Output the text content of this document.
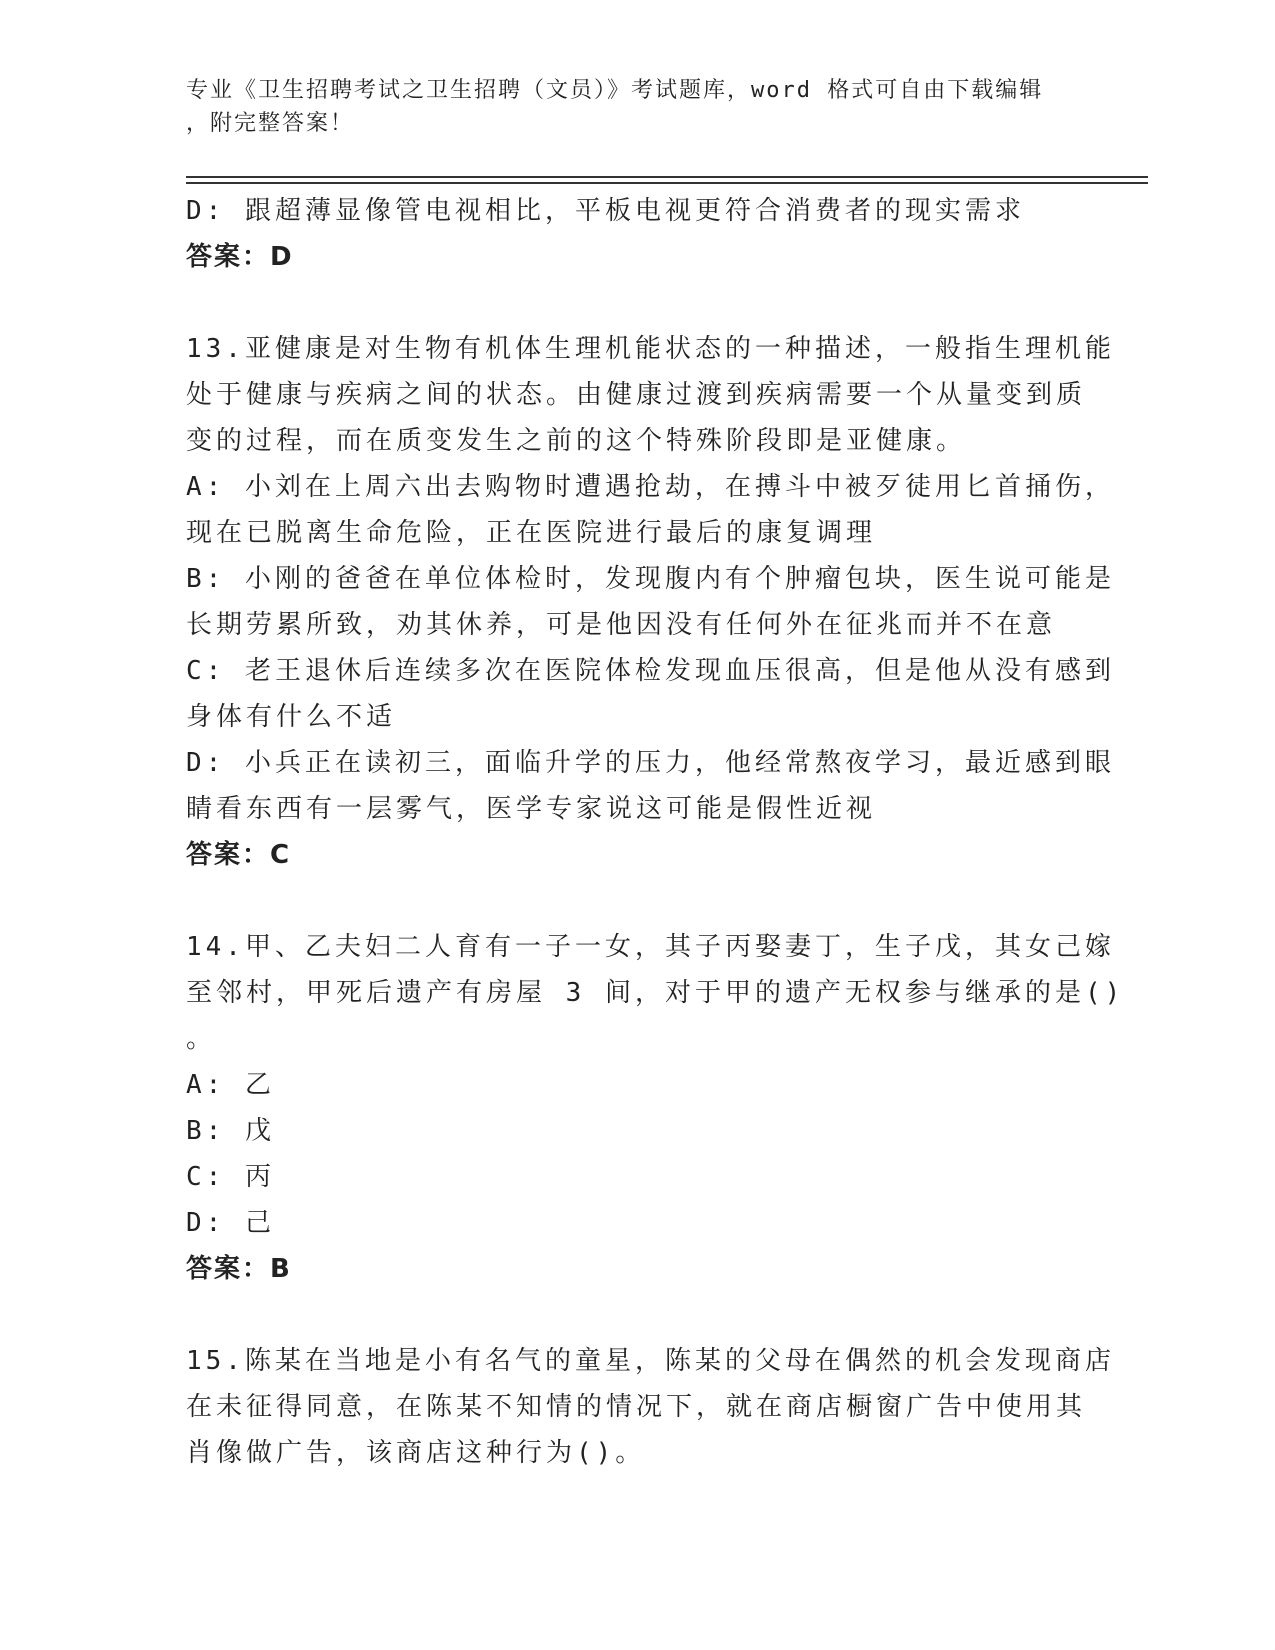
专业《卫生招聘考试之卫生招聘（文员）》考试题库，word 格式可自由下载编辑
，附完整答案！
D: 跟超薄显像管电视相比，平板电视更符合消费者的现实需求
答案：D
13.亚健康是对生物有机体生理机能状态的一种描述，一般指生理机能
处于健康与疾病之间的状态。由健康过渡到疾病需要一个从量变到质
变的过程，而在质变发生之前的这个特殊阶段即是亚健康。
A: 小刘在上周六出去购物时遭遇抢劫，在搏斗中被歹徒用匕首捅伤，
现在已脱离生命危险，正在医院进行最后的康复调理
B: 小刚的爸爸在单位体检时，发现腹内有个肿瘤包块，医生说可能是
长期劳累所致，劝其休养，可是他因没有任何外在征兆而并不在意
C: 老王退休后连续多次在医院体检发现血压很高，但是他从没有感到
身体有什么不适
D: 小兵正在读初三，面临升学的压力，他经常熬夜学习，最近感到眼
睛看东西有一层雾气，医学专家说这可能是假性近视
答案：C
14.甲、乙夫妇二人育有一子一女，其子丙娶妻丁，生子戊，其女己嫁
至邻村，甲死后遗产有房屋 3 间，对于甲的遗产无权参与继承的是()
。
A: 乙
B: 戊
C: 丙
D: 己
答案：B
15.陈某在当地是小有名气的童星，陈某的父母在偶然的机会发现商店
在未征得同意，在陈某不知情的情况下，就在商店橱窗广告中使用其
肖像做广告，该商店这种行为()。
